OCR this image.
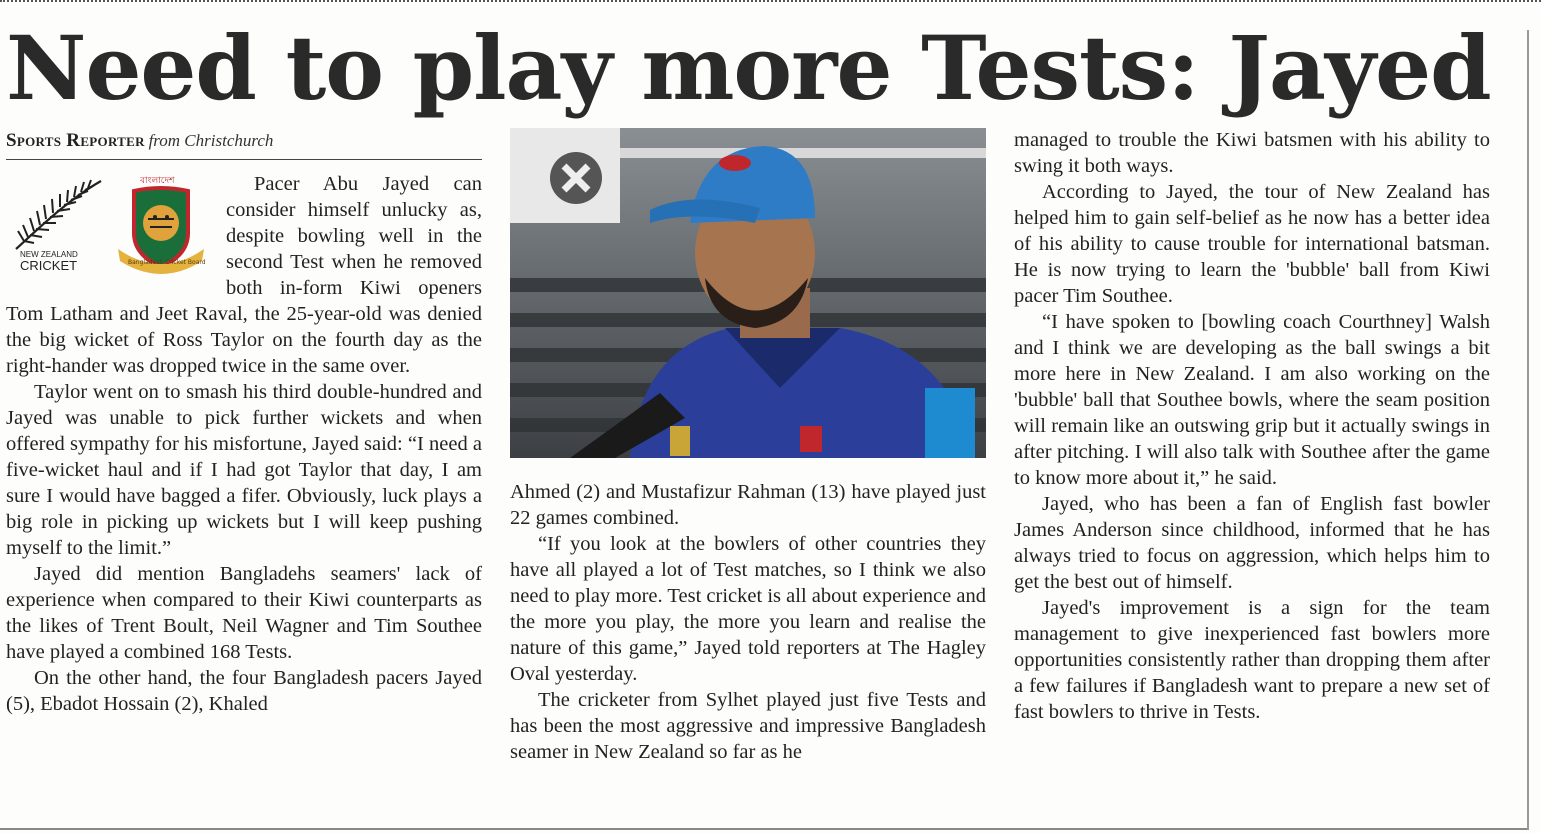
Need to play more Tests: Jayed
Sports Reporter from Christchurch
NEW ZEALAND
CRICKET
বাংলাদেশ
Bangladesh Cricket Board

Pacer Abu Jayed can consider himself unlucky as, despite bowling well in the second Test when he removed both in-form Kiwi openers Tom Latham and Jeet Raval, the 25-year-old was denied the big wicket of Ross Taylor on the fourth day as the right-hander was dropped twice in the same over.

Taylor went on to smash his third double-hundred and Jayed was unable to pick further wickets and when offered sympathy for his misfortune, Jayed said: “I need a five-wicket haul and if I had got Taylor that day, I am sure I would have bagged a fifer. Obviously, luck plays a big role in picking up wickets but I will keep pushing myself to the limit.”

Jayed did mention Bangladehs seamers' lack of experience when compared to their Kiwi counterparts as the likes of Trent Boult, Neil Wagner and Tim Southee have played a combined 168 Tests.

On the other hand, the four Bangladesh pacers Jayed (5), Ebadot Hossain (2), Khaled

Ahmed (2) and Mustafizur Rahman (13) have played just 22 games combined.

“If you look at the bowlers of other countries they have all played a lot of Test matches, so I think we also need to play more. Test cricket is all about experience and the more you play, the more you learn and realise the nature of this game,” Jayed told reporters at The Hagley Oval yesterday.

The cricketer from Sylhet played just five Tests and has been the most aggressive and impressive Bangladesh seamer in New Zealand so far as he

managed to trouble the Kiwi batsmen with his ability to swing it both ways.

According to Jayed, the tour of New Zealand has helped him to gain self-belief as he now has a better idea of his ability to cause trouble for international batsman. He is now trying to learn the 'bubble' ball from Kiwi pacer Tim Southee.

“I have spoken to [bowling coach Courthney] Walsh and I think we are developing as the ball swings a bit more here in New Zealand. I am also working on the 'bubble' ball that Southee bowls, where the seam position will remain like an outswing grip but it actually swings in after pitching. I will also talk with Southee after the game to know more about it,” he said.

Jayed, who has been a fan of English fast bowler James Anderson since childhood, informed that he has always tried to focus on aggression, which helps him to get the best out of himself.

Jayed's improvement is a sign for the team management to give inexperienced fast bowlers more opportunities consistently rather than dropping them after a few failures if Bangladesh want to prepare a new set of fast bowlers to thrive in Tests.
